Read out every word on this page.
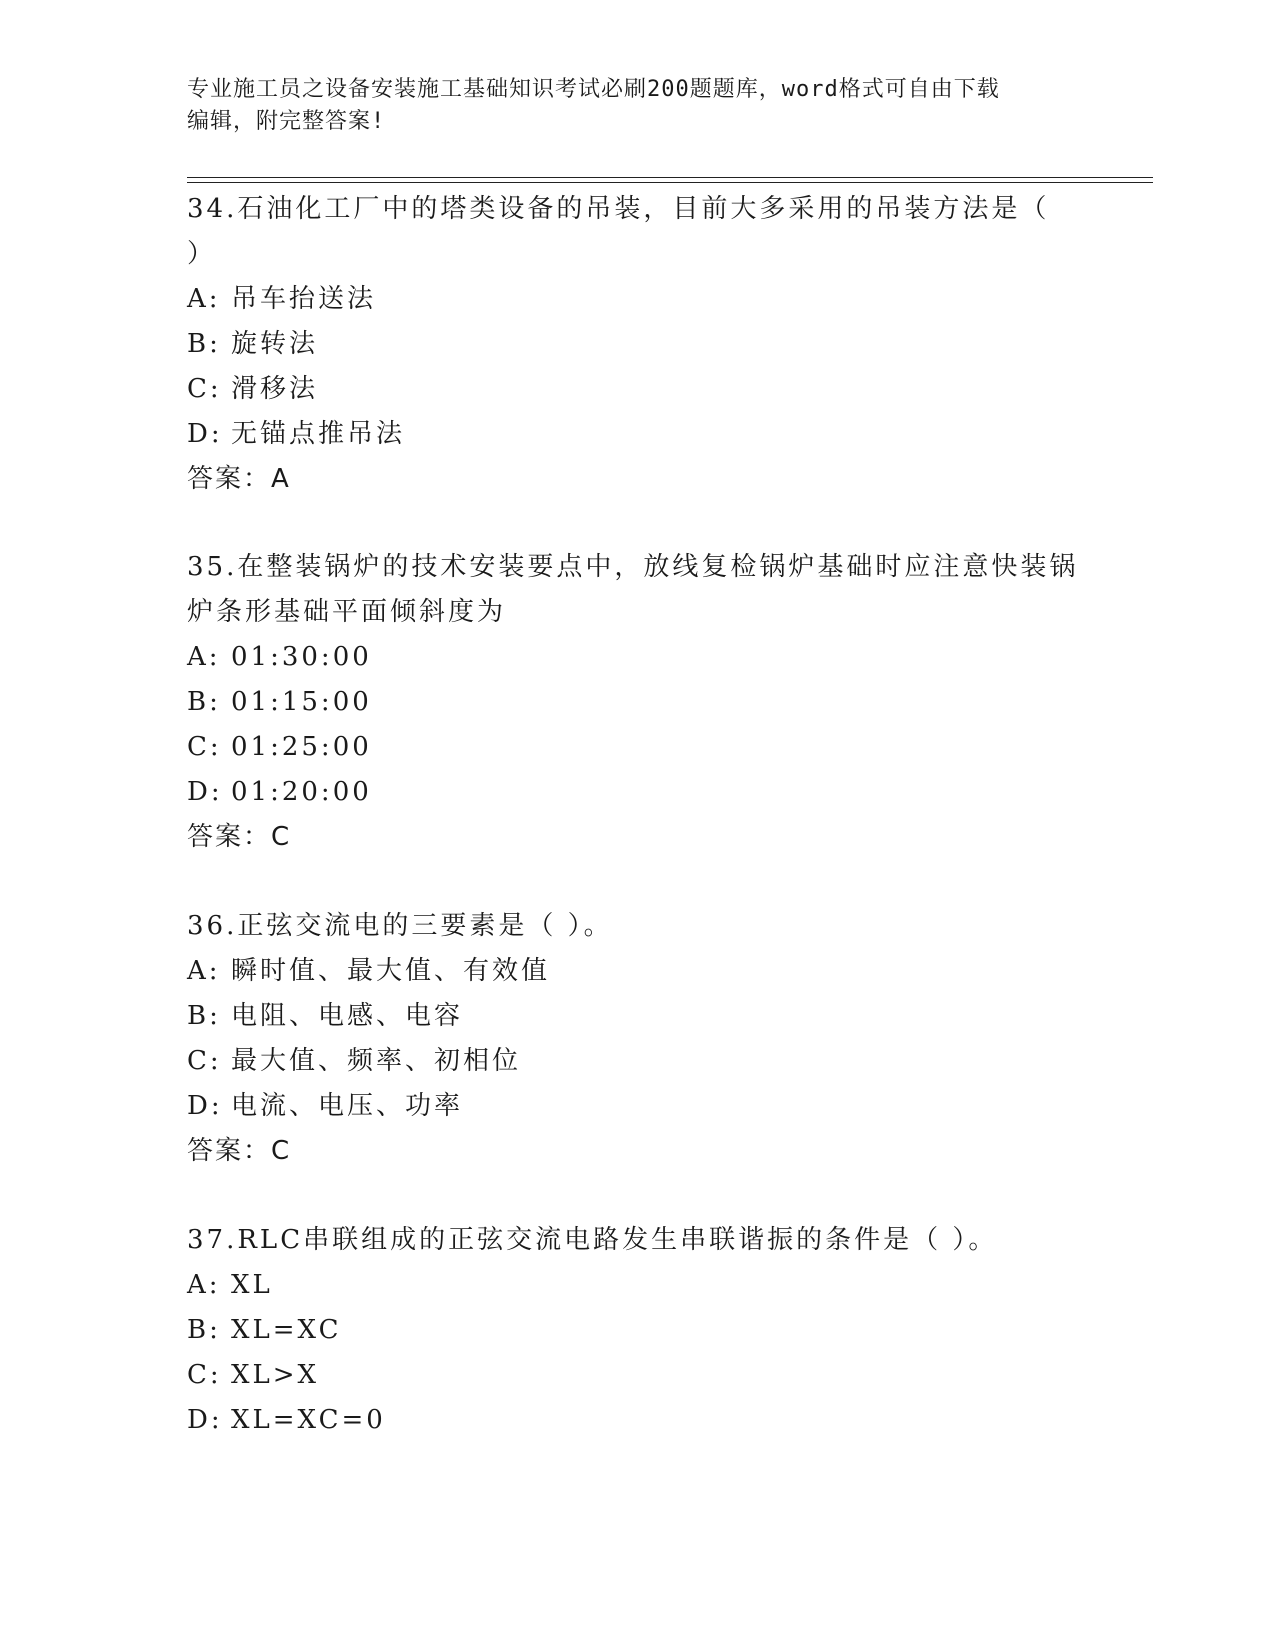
专业施工员之设备安装施工基础知识考试必刷200题题库，word格式可自由下载
编辑，附完整答案!
34.石油化工厂中的塔类设备的吊装，目前大多采用的吊装方法是（
）
A: 吊车抬送法
B: 旋转法
C: 滑移法
D: 无锚点推吊法
答案：A
35.在整装锅炉的技术安装要点中，放线复检锅炉基础时应注意快装锅
炉条形基础平面倾斜度为
A: 01:30:00
B: 01:15:00
C: 01:25:00
D: 01:20:00
答案：C
36.正弦交流电的三要素是（ ）。
A: 瞬时值、最大值、有效值
B: 电阻、电感、电容
C: 最大值、频率、初相位
D: 电流、电压、功率
答案：C
37.RLC串联组成的正弦交流电路发生串联谐振的条件是（ ）。
A: XL
B: XL=XC
C: XL>X
D: XL=XC=0
